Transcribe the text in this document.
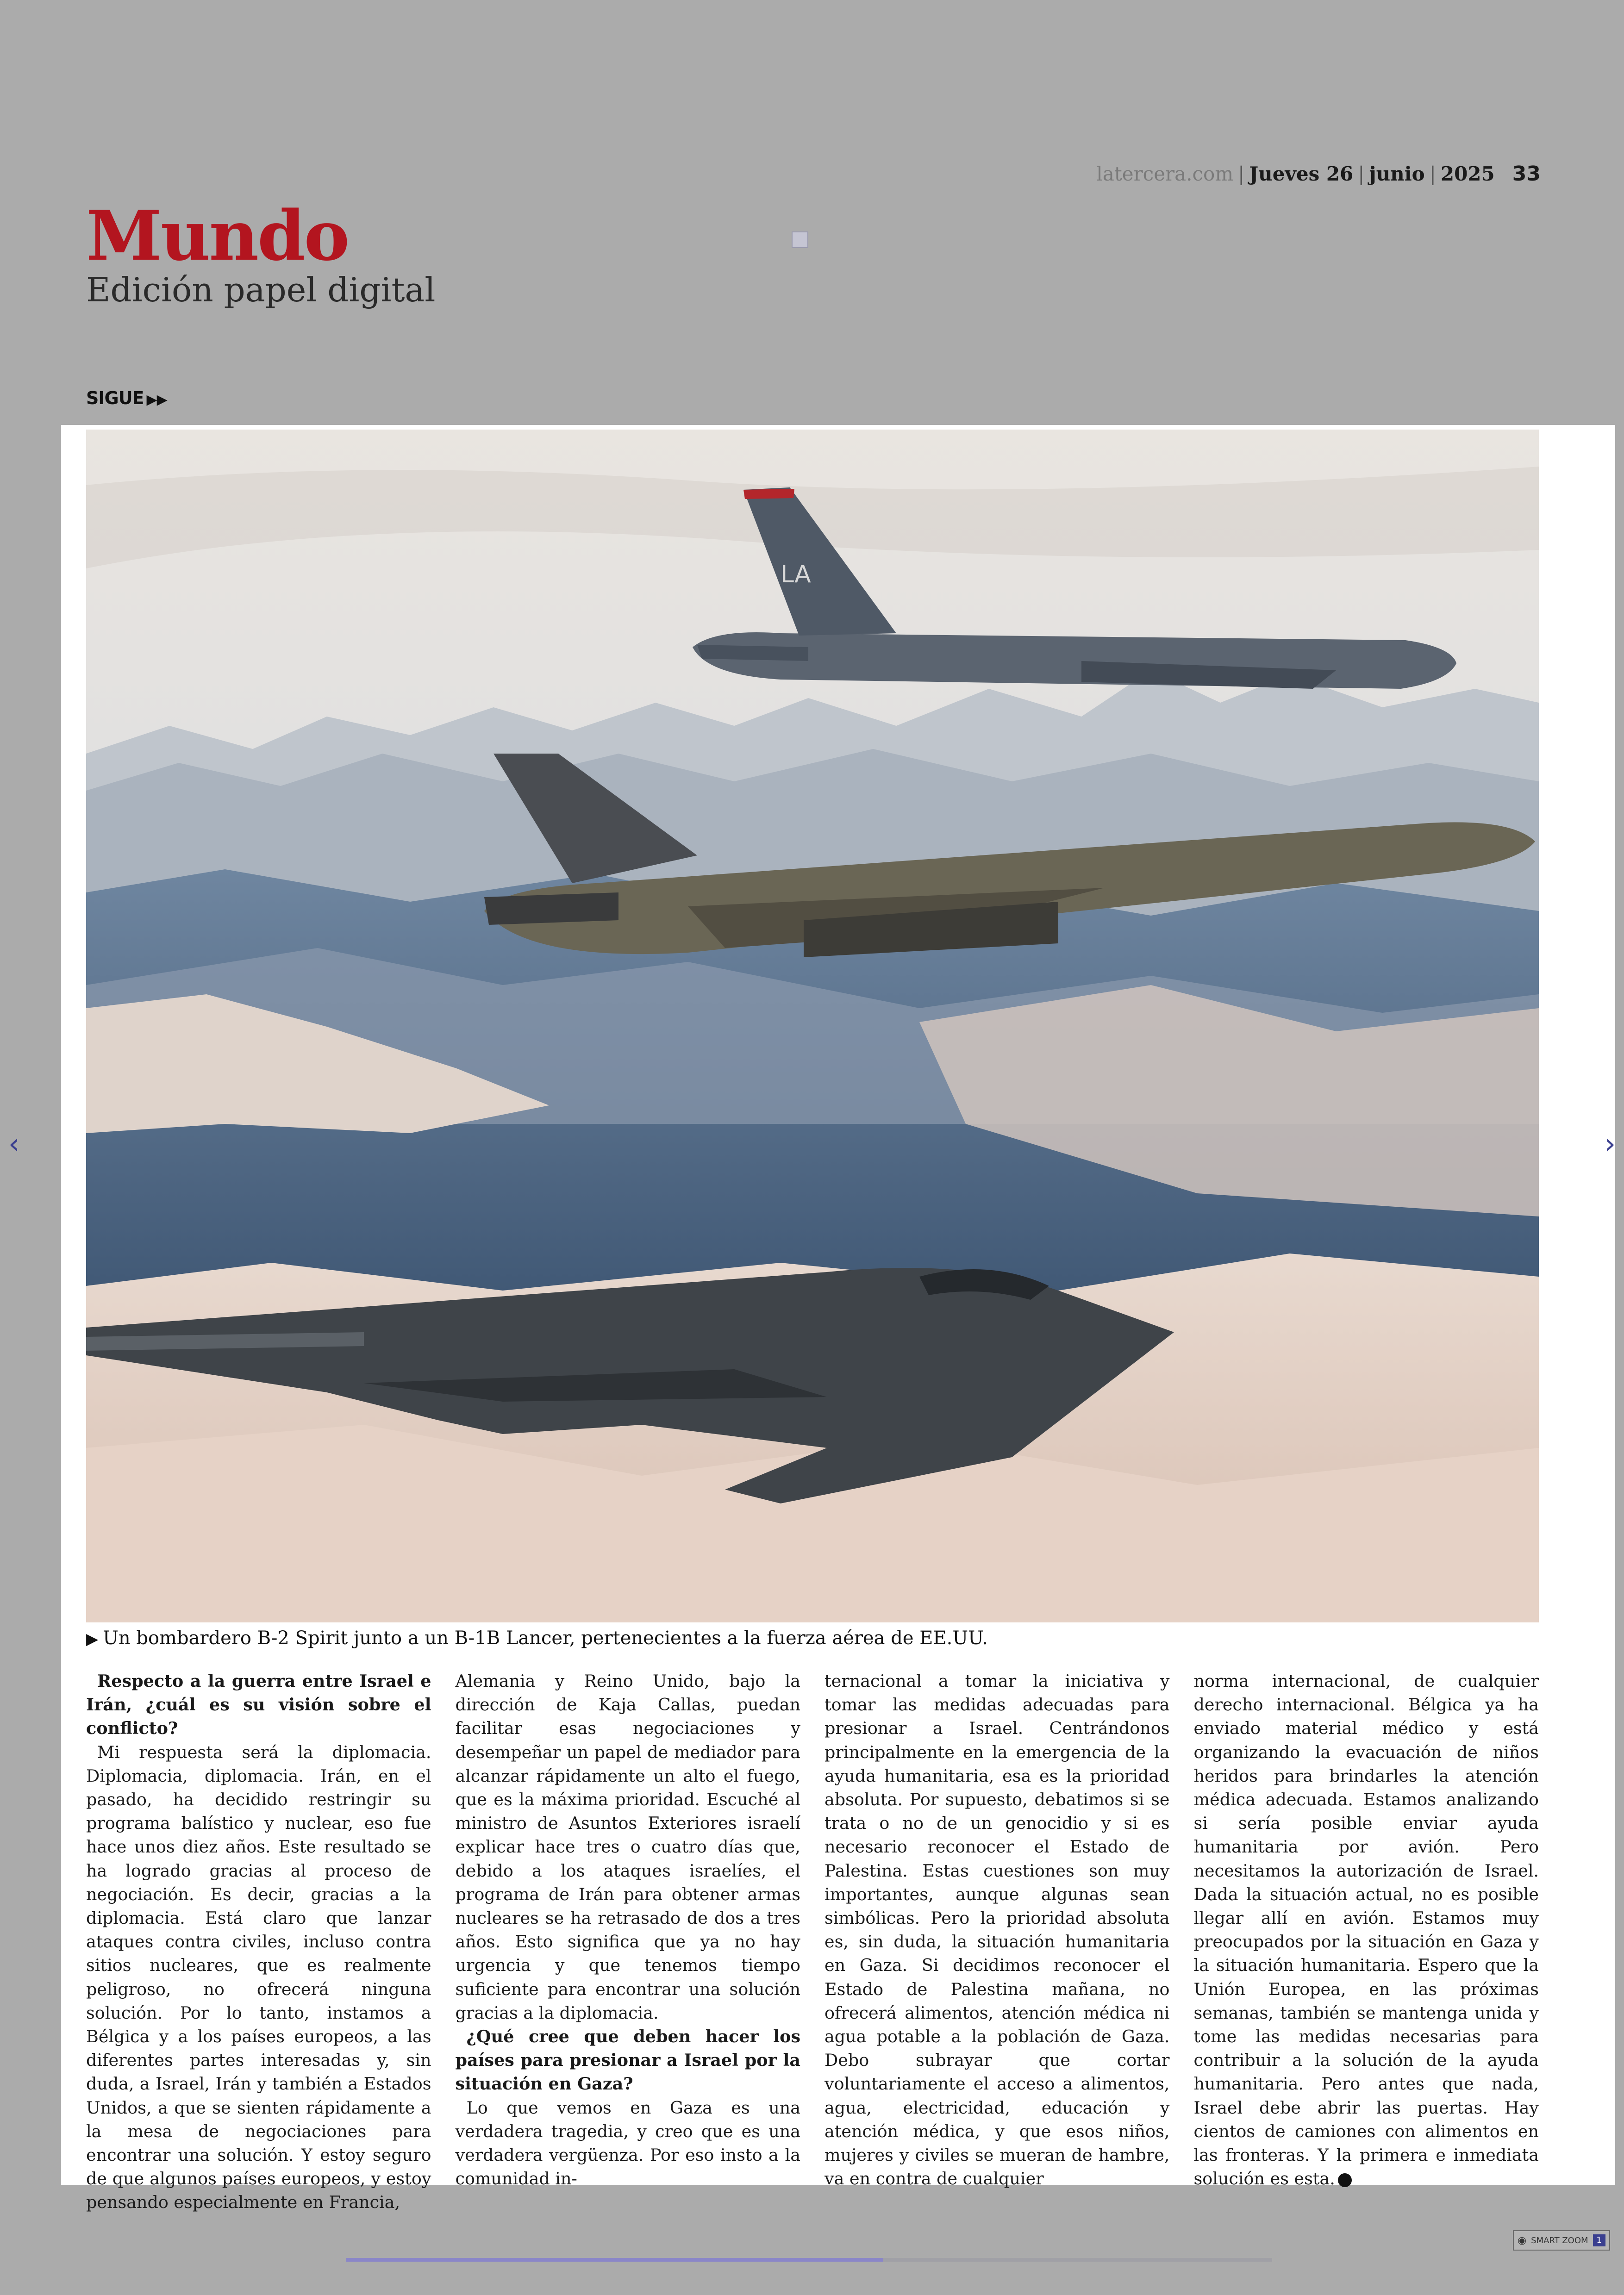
latercera.com | Jueves 26 | junio | 2025 33
Mundo
Edición papel digital
SIGUE ▶▶
LA
▶ Un bombardero B-2 Spirit junto a un B-1B Lancer, pertenecientes a la fuerza aérea de EE.UU.

Respecto a la guerra entre Israel e Irán, ¿cuál es su visión sobre el conflicto?

Mi respuesta será la diplomacia. Diplomacia, diplomacia. Irán, en el pasado, ha decidido restringir su programa balístico y nuclear, eso fue hace unos diez años. Este resultado se ha logrado gracias al proceso de negociación. Es decir, gracias a la diplomacia. Está claro que lanzar ataques contra civiles, incluso contra sitios nucleares, que es realmente peligroso, no ofrecerá ninguna solución. Por lo tanto, instamos a Bélgica y a los países europeos, a las diferentes partes interesadas y, sin duda, a Israel, Irán y también a Estados Unidos, a que se sienten rápidamente a la mesa de negociaciones para encontrar una solución. Y estoy seguro de que algunos países europeos, y estoy pensando especialmente en Francia,

Alemania y Reino Unido, bajo la dirección de Kaja Callas, puedan facilitar esas negociaciones y desempeñar un papel de mediador para alcanzar rápidamente un alto el fuego, que es la máxima prioridad. Escuché al ministro de Asuntos Exteriores israelí explicar hace tres o cuatro días que, debido a los ataques israelíes, el programa de Irán para obtener armas nucleares se ha retrasado de dos a tres años. Esto significa que ya no hay urgencia y que tenemos tiempo suficiente para encontrar una solución gracias a la diplomacia.

¿Qué cree que deben hacer los países para presionar a Israel por la situación en Gaza?

Lo que vemos en Gaza es una verdadera tragedia, y creo que es una verdadera vergüenza. Por eso insto a la comunidad in-

ternacional a tomar la iniciativa y tomar las medidas adecuadas para presionar a Israel. Centrándonos principalmente en la emergencia de la ayuda humanitaria, esa es la prioridad absoluta. Por supuesto, debatimos si se trata o no de un genocidio y si es necesario reconocer el Estado de Palestina. Estas cuestiones son muy importantes, aunque algunas sean simbólicas. Pero la prioridad absoluta es, sin duda, la situación humanitaria en Gaza. Si decidimos reconocer el Estado de Palestina mañana, no ofrecerá alimentos, atención médica ni agua potable a la población de Gaza. Debo subrayar que cortar voluntariamente el acceso a alimentos, agua, electricidad, educación y atención médica, y que esos niños, mujeres y civiles se mueran de hambre, va en contra de cualquier

norma internacional, de cualquier derecho internacional. Bélgica ya ha enviado material médico y está organizando la evacuación de niños heridos para brindarles la atención médica adecuada. Estamos analizando si sería posible enviar ayuda humanitaria por avión. Pero necesitamos la autorización de Israel. Dada la situación actual, no es posible llegar allí en avión. Estamos muy preocupados por la situación en Gaza y la situación humanitaria. Espero que la Unión Europea, en las próximas semanas, también se mantenga unida y tome las medidas necesarias para contribuir a la solución de la ayuda humanitaria. Pero antes que nada, Israel debe abrir las puertas. Hay cientos de camiones con alimentos en las fronteras. Y la primera e inmediata solución es esta.

‹	›
◉ SMART ZOOM	1
